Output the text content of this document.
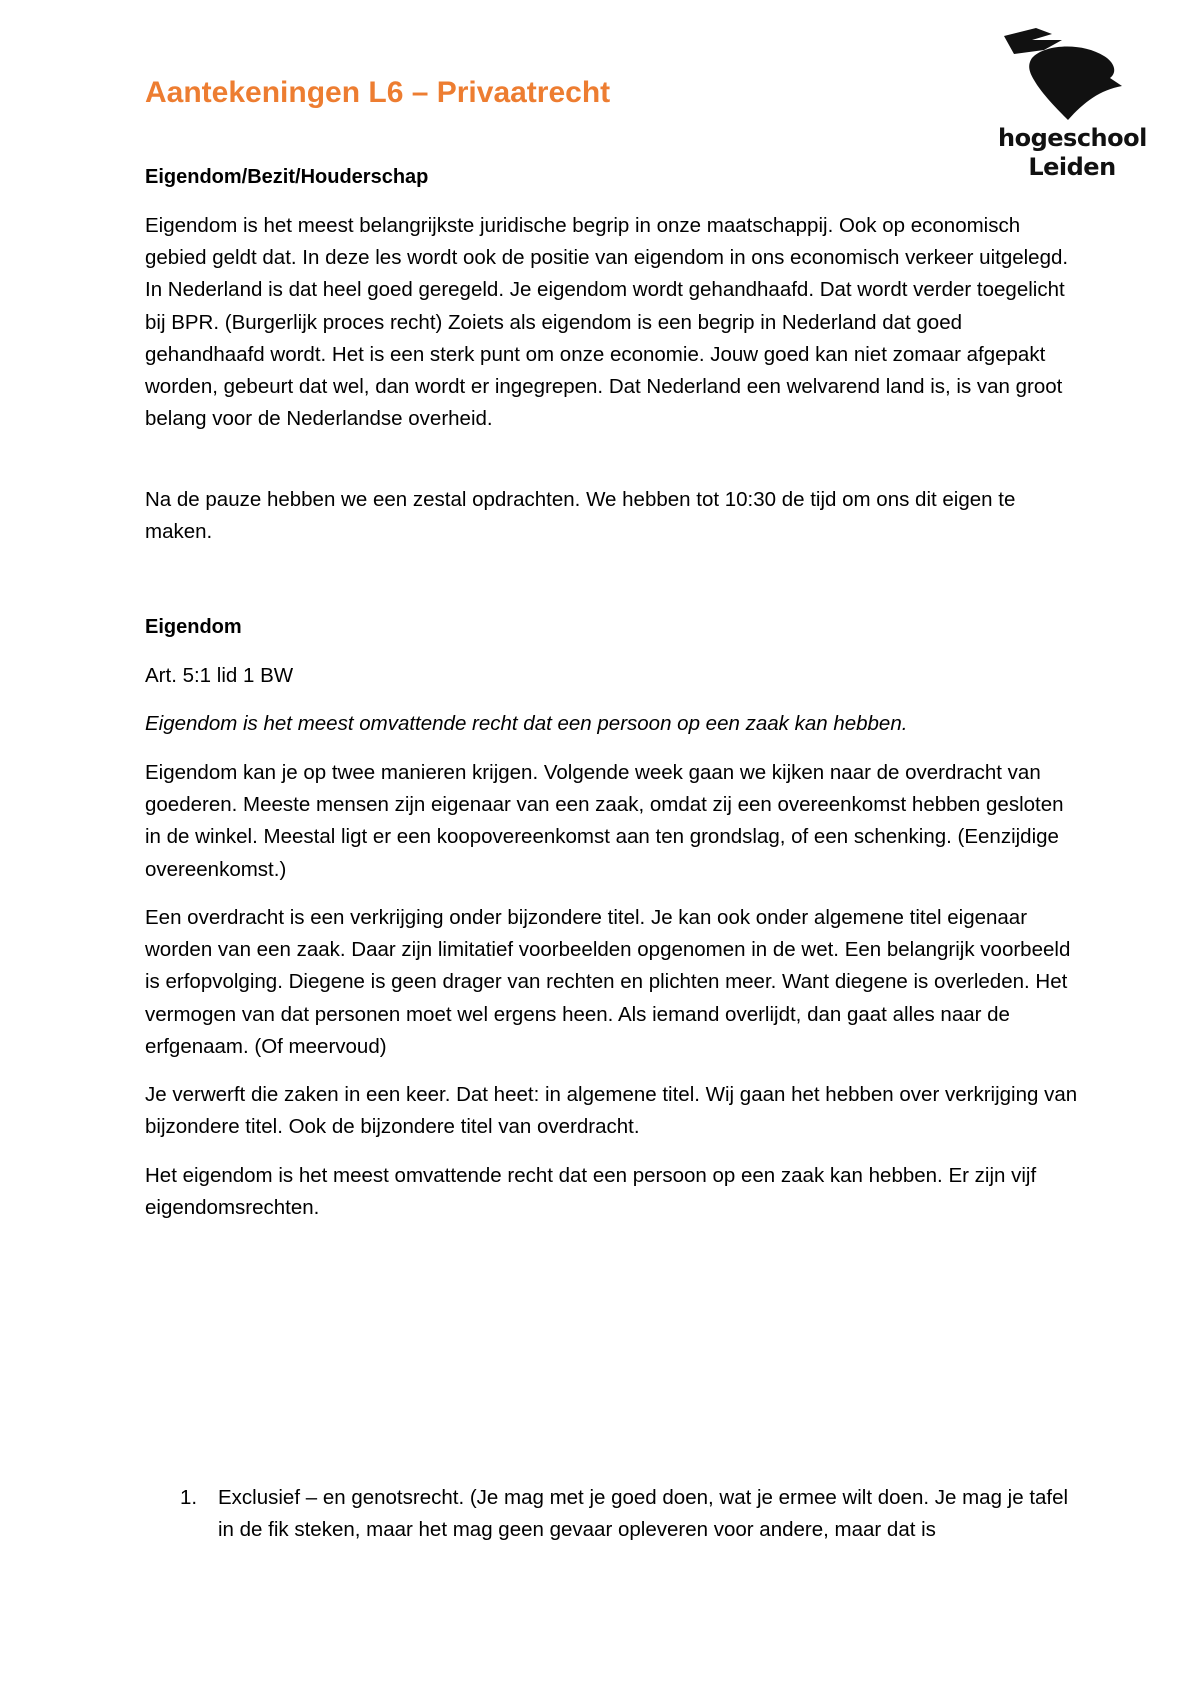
hogeschool
Leiden
Aantekeningen L6 – Privaatrecht
Eigendom/Bezit/Houderschap

Eigendom is het meest belangrijkste juridische begrip in onze maatschappij. Ook op economisch gebied geldt dat. In deze les wordt ook de positie van eigendom in ons economisch verkeer uitgelegd. In Nederland is dat heel goed geregeld. Je eigendom wordt gehandhaafd. Dat wordt verder toegelicht bij BPR. (Burgerlijk proces recht) Zoiets als eigendom is een begrip in Nederland dat goed gehandhaafd wordt. Het is een sterk punt om onze economie. Jouw goed kan niet zomaar afgepakt worden, gebeurt dat wel, dan wordt er ingegrepen. Dat Nederland een welvarend land is, is van groot belang voor de Nederlandse overheid.

Na de pauze hebben we een zestal opdrachten. We hebben tot 10:30 de tijd om ons dit eigen te maken.

Eigendom

Art. 5:1 lid 1 BW

Eigendom is het meest omvattende recht dat een persoon op een zaak kan hebben.

Eigendom kan je op twee manieren krijgen. Volgende week gaan we kijken naar de overdracht van goederen. Meeste mensen zijn eigenaar van een zaak, omdat zij een overeenkomst hebben gesloten in de winkel. Meestal ligt er een koopovereenkomst aan ten grondslag, of een schenking. (Eenzijdige overeenkomst.)

Een overdracht is een verkrijging onder bijzondere titel. Je kan ook onder algemene titel eigenaar worden van een zaak. Daar zijn limitatief voorbeelden opgenomen in de wet. Een belangrijk voorbeeld is erfopvolging. Diegene is geen drager van rechten en plichten meer. Want diegene is overleden. Het vermogen van dat personen moet wel ergens heen. Als iemand overlijdt, dan gaat alles naar de erfgenaam. (Of meervoud)

Je verwerft die zaken in een keer. Dat heet: in algemene titel. Wij gaan het hebben over verkrijging van bijzondere titel. Ook de bijzondere titel van overdracht.

Het eigendom is het meest omvattende recht dat een persoon op een zaak kan hebben. Er zijn vijf eigendomsrechten.

1. Exclusief – en genotsrecht. (Je mag met je goed doen, wat je ermee wilt doen. Je mag je tafel in de fik steken, maar het mag geen gevaar opleveren voor andere, maar dat is
